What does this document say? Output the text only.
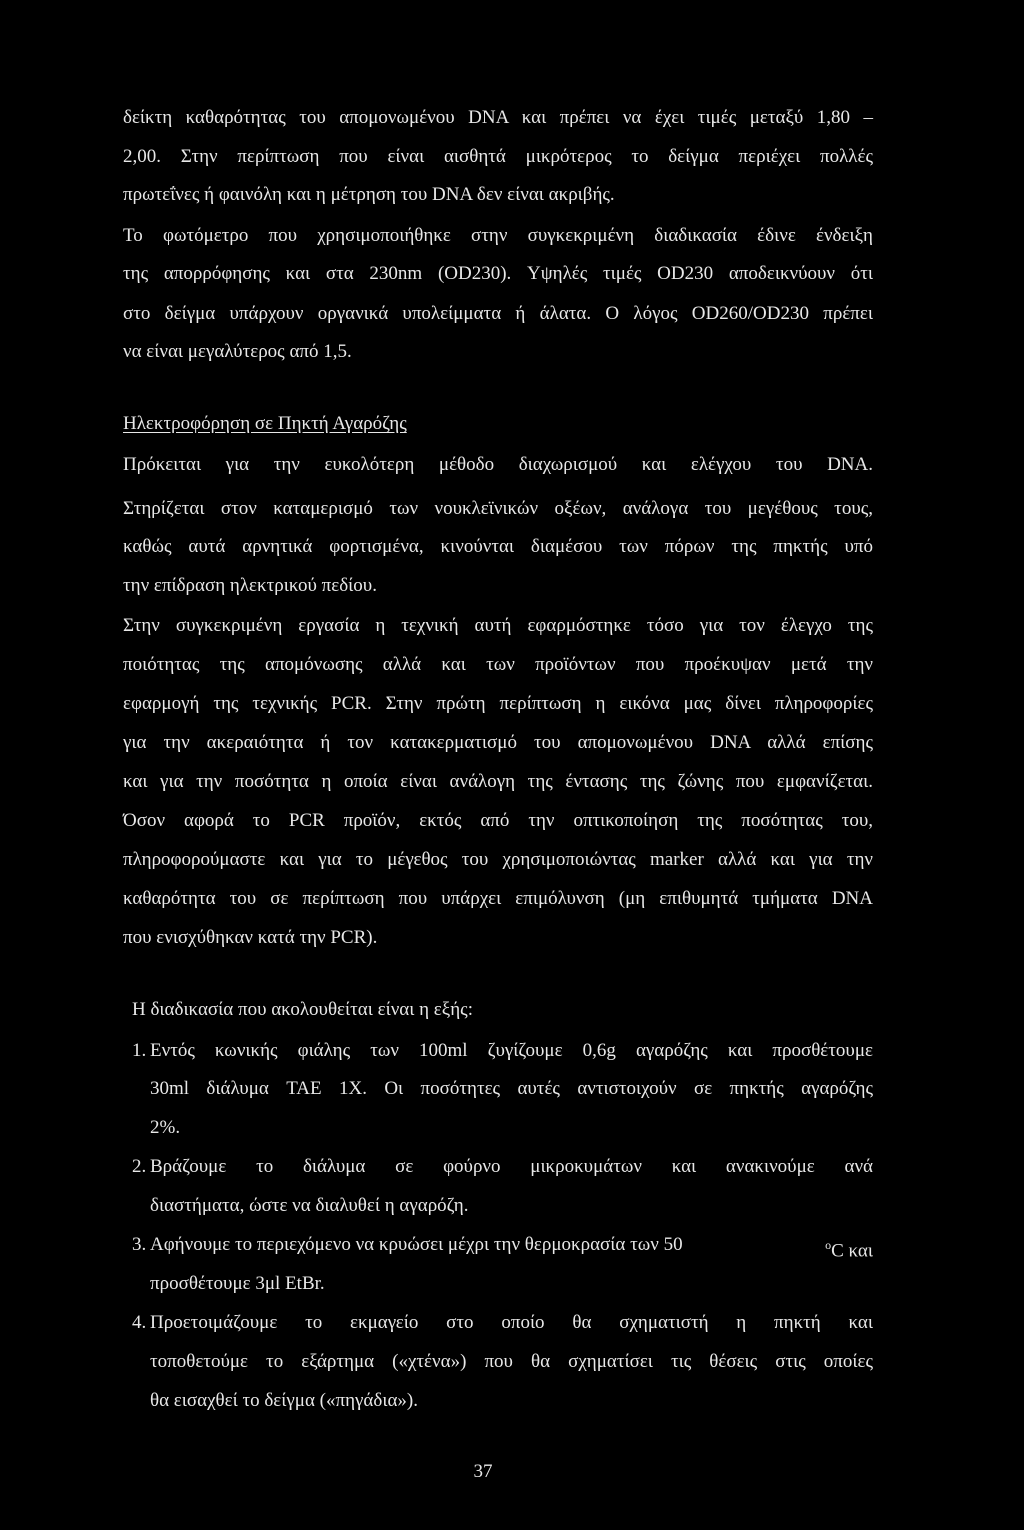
δείκτη καθαρότητας του απομονωμένου DNA και πρέπει να έχει τιμές μεταξύ 1,80 –
2,00. Στην περίπτωση που είναι αισθητά μικρότερος το δείγμα περιέχει πολλές
πρωτεΐνες ή φαινόλη και η μέτρηση του DNA δεν είναι ακριβής.
Το φωτόμετρο που χρησιμοποιήθηκε στην συγκεκριμένη διαδικασία έδινε ένδειξη
της απορρόφησης και στα 230nm (OD230). Υψηλές τιμές OD230 αποδεικνύουν ότι
στο δείγμα υπάρχουν οργανικά υπολείμματα ή άλατα. Ο λόγος OD260/OD230 πρέπει
να είναι μεγαλύτερος από 1,5.
Ηλεκτροφόρηση σε Πηκτή Αγαρόζης
Πρόκειται για την ευκολότερη μέθοδο διαχωρισμού και ελέγχου του DNA.
Στηρίζεται στον καταμερισμό των νουκλεϊνικών οξέων, ανάλογα του μεγέθους τους,
καθώς αυτά αρνητικά φορτισμένα, κινούνται διαμέσου των πόρων της πηκτής υπό
την επίδραση ηλεκτρικού πεδίου.
Στην συγκεκριμένη εργασία η τεχνική αυτή εφαρμόστηκε τόσο για τον έλεγχο της
ποιότητας της απομόνωσης αλλά και των προϊόντων που προέκυψαν μετά την
εφαρμογή της τεχνικής PCR. Στην πρώτη περίπτωση η εικόνα μας δίνει πληροφορίες
για την ακεραιότητα ή τον κατακερματισμό του απομονωμένου DNA αλλά επίσης
και για την ποσότητα η οποία είναι ανάλογη της έντασης της ζώνης που εμφανίζεται.
Όσον αφορά το PCR προϊόν, εκτός από την οπτικοποίηση της ποσότητας του,
πληροφορούμαστε και για το μέγεθος του χρησιμοποιώντας marker αλλά και για την
καθαρότητα του σε περίπτωση που υπάρχει επιμόλυνση (μη επιθυμητά τμήματα DNA
που ενισχύθηκαν κατά την PCR).
Η διαδικασία που ακολουθείται είναι η εξής:
1. Εντός κωνικής φιάλης των 100ml ζυγίζουμε 0,6g αγαρόζης και προσθέτουμε
30ml διάλυμα TAE 1X. Οι ποσότητες αυτές αντιστοιχούν σε πηκτής αγαρόζης
2%.
2. Βράζουμε το διάλυμα σε φούρνο μικροκυμάτων και ανακινούμε ανά
διαστήματα, ώστε να διαλυθεί η αγαρόζη.
3. Αφήνουμε το περιεχόμενο να κρυώσει μέχρι την θερμοκρασία των 50	$^o$C και
προσθέτουμε 3μl EtBr.
4. Προετοιμάζουμε το εκμαγείο στο οποίο θα σχηματιστή η πηκτή και
τοποθετούμε το εξάρτημα («χτένα») που θα σχηματίσει τις θέσεις στις οποίες
θα εισαχθεί το δείγμα («πηγάδια»).
37
